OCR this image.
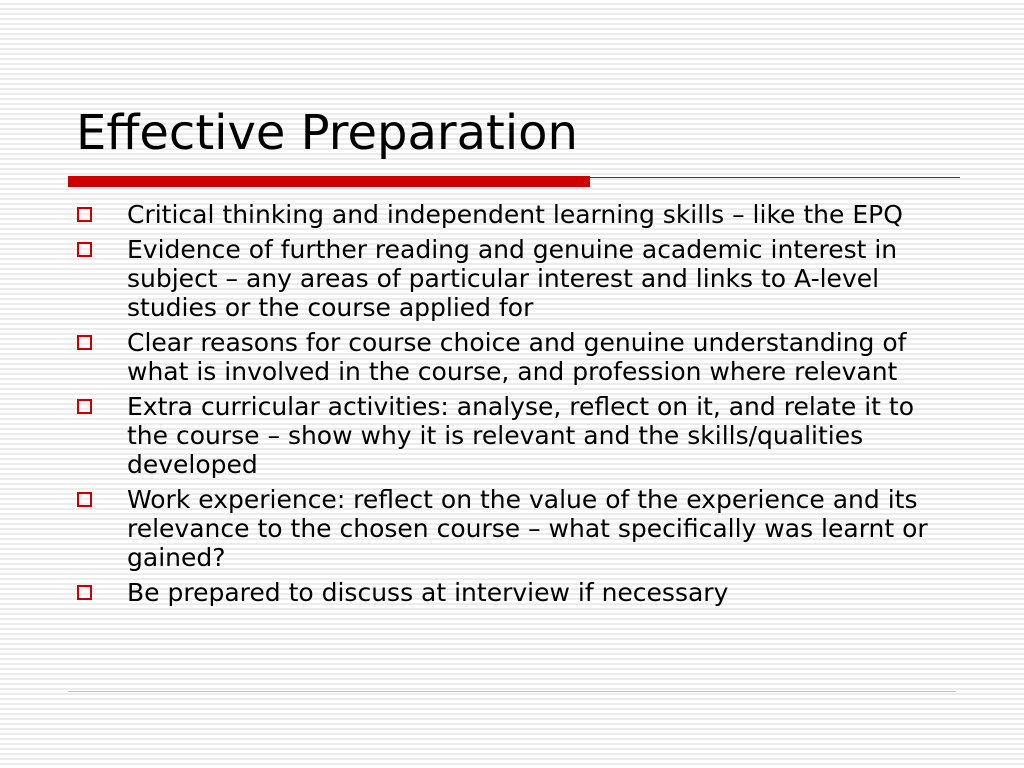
Effective Preparation
Critical thinking and independent learning skills – like the EPQ
Evidence of further reading and genuine academic interest in subject – any areas of particular interest and links to A-level studies or the course applied for
Clear reasons for course choice and genuine understanding of what is involved in the course, and profession where relevant
Extra curricular activities: analyse, reflect on it, and relate it to the course – show why it is relevant and the skills/qualities developed
Work experience: reflect on the value of the experience and its relevance to the chosen course – what specifically was learnt or gained?
Be prepared to discuss at interview if necessary
